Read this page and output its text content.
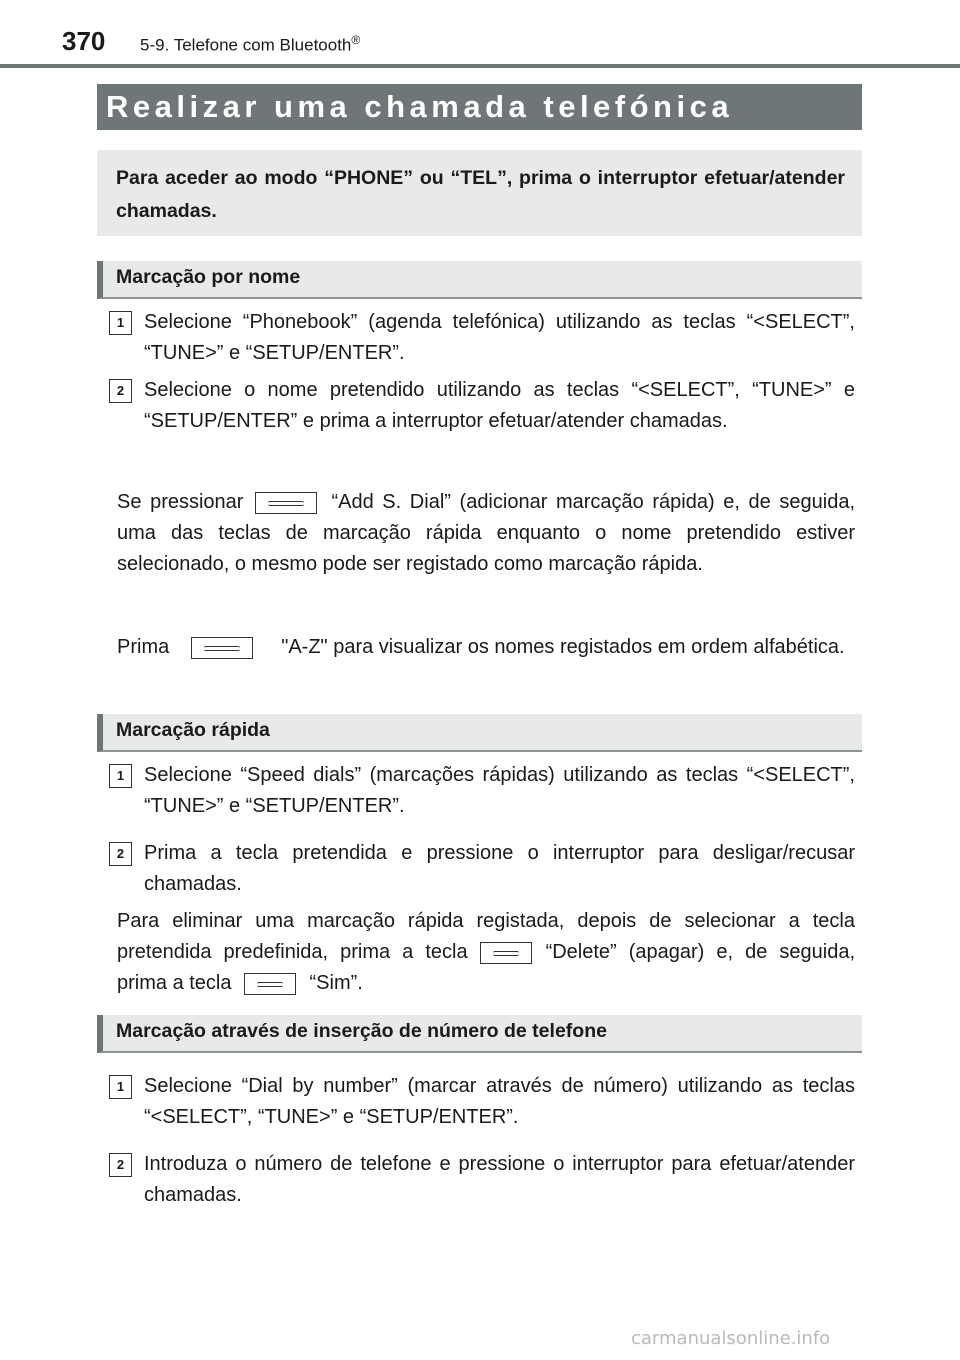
370 5-9. Telefone com Bluetooth®
Realizar uma chamada telefónica
Para aceder ao modo “PHONE” ou “TEL”, prima o interruptor efetuar/atender chamadas.
Marcação por nome
1 Selecione “Phonebook” (agenda telefónica) utilizando as teclas “<SELECT”, “TUNE>” e “SETUP/ENTER”.
2 Selecione o nome pretendido utilizando as teclas “<SELECT”, “TUNE>” e “SETUP/ENTER” e prima a interruptor efetuar/atender chamadas.
Se pressionar	“Add S. Dial” (adicionar marcação rápida) e, de seguida, uma das teclas de marcação rápida enquanto o nome pretendido estiver selecionado, o mesmo pode ser registado como marcação rápida.
Prima	"A-Z" para visualizar os nomes registados em ordem alfabética.
Marcação rápida
1 Selecione “Speed dials” (marcações rápidas) utilizando as teclas “<SELECT”, “TUNE>” e “SETUP/ENTER”.
2 Prima a tecla pretendida e pressione o interruptor para desligar/recusar chamadas.
Para eliminar uma marcação rápida registada, depois de selecionar a tecla pretendida predefinida, prima a tecla	“Delete” (apagar) e, de seguida, prima a tecla	“Sim”.
Marcação através de inserção de número de telefone
1 Selecione “Dial by number” (marcar através de número) utilizando as teclas “<SELECT”, “TUNE>” e “SETUP/ENTER”.
2 Introduza o número de telefone e pressione o interruptor para efetuar/atender chamadas.
carmanualsonline.info
